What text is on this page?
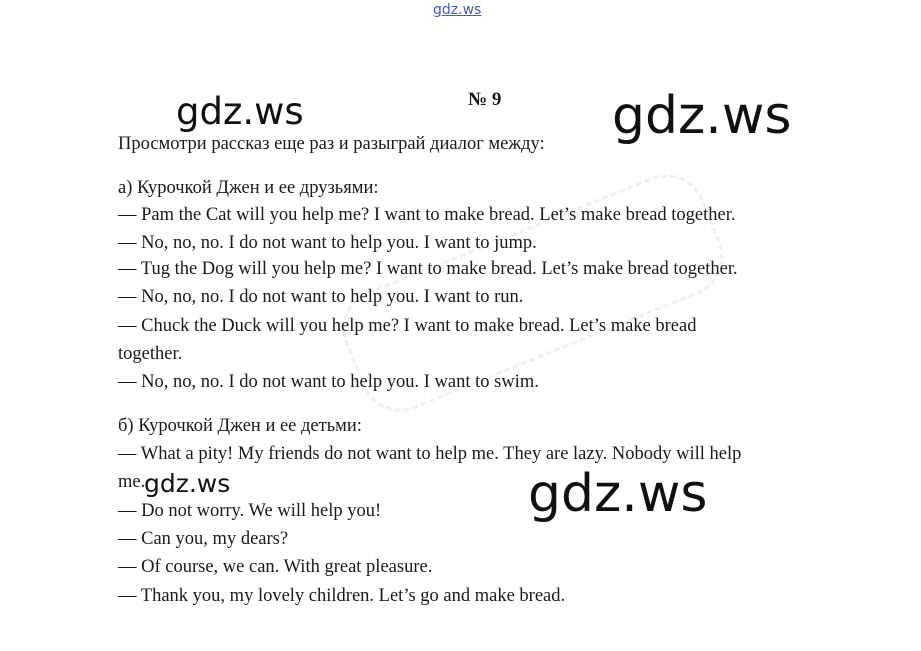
gdz.ws
gdz.ws	gdz.ws
№ 9
Просмотри рассказ еще раз и разыграй диалог между:
а) Курочкой Джен и ее друзьями:
— Pam the Cat will you help me? I want to make bread. Let’s make bread together.
— No, no, no. I do not want to help you. I want to jump.
— Tug the Dog will you help me? I want to make bread. Let’s make bread together.
— No, no, no. I do not want to help you. I want to run.
— Chuck the Duck will you help me? I want to make bread. Let’s make bread
together.
— No, no, no. I do not want to help you. I want to swim.
б) Курочкой Джен и ее детьми:
— What a pity! My friends do not want to help me. They are lazy. Nobody will help
me.
— Do not worry. We will help you!
— Can you, my dears?
— Of course, we can. With great pleasure.
— Thank you, my lovely children. Let’s go and make bread.
gdz.ws	gdz.ws
